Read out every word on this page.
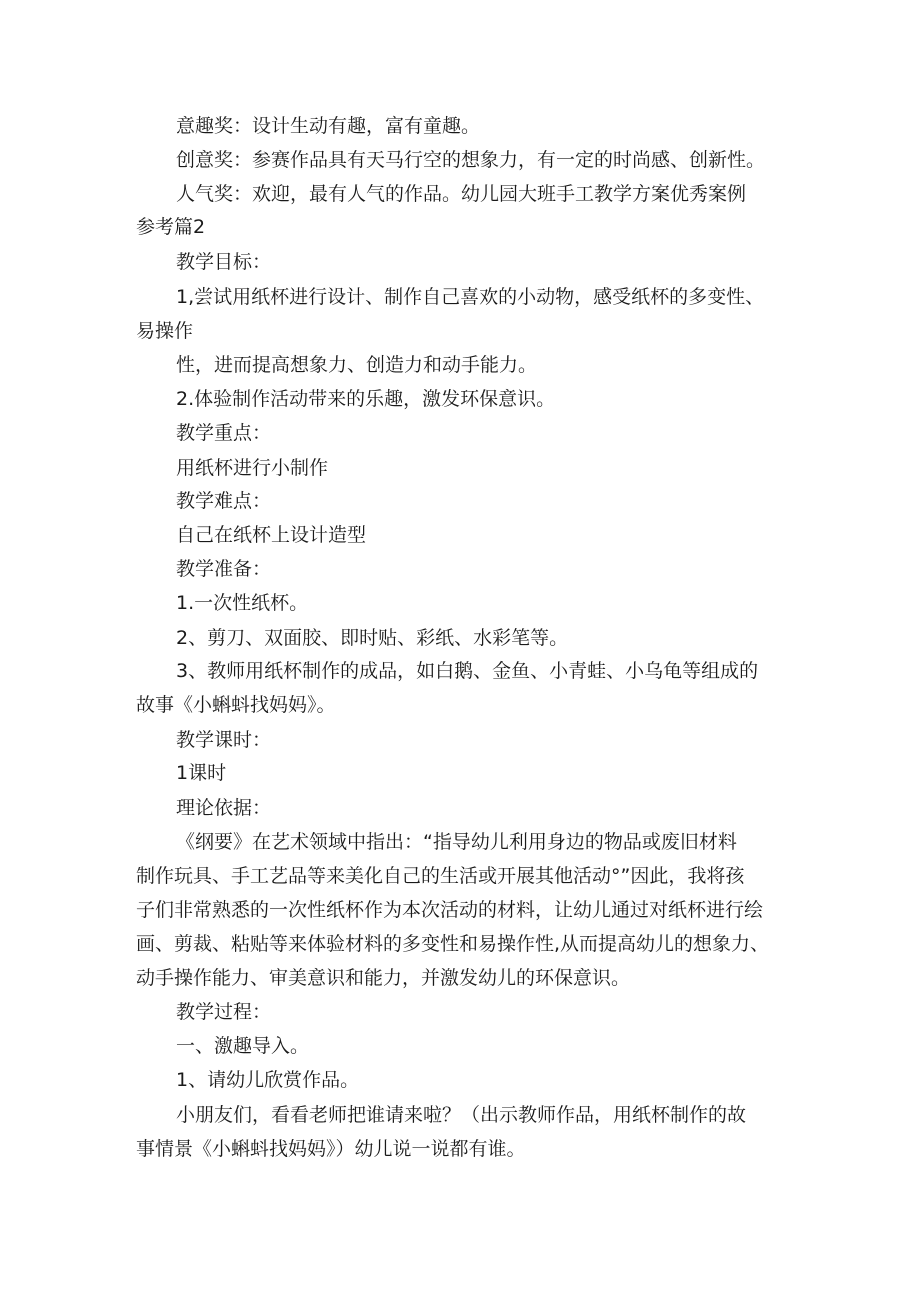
意趣奖：设计生动有趣，富有童趣。

创意奖：参赛作品具有天马行空的想象力，有一定的时尚感、创新性。

人气奖：欢迎，最有人气的作品。幼儿园大班手工教学方案优秀案例

参考篇2

教学目标：

1,尝试用纸杯进行设计、制作自己喜欢的小动物，感受纸杯的多变性、

易操作

性，进而提高想象力、创造力和动手能力。

2.体验制作活动带来的乐趣，激发环保意识。

教学重点：

用纸杯进行小制作

教学难点：

自己在纸杯上设计造型

教学准备：

1.一次性纸杯。

2、剪刀、双面胶、即时贴、彩纸、水彩笔等。

3、教师用纸杯制作的成品，如白鹅、金鱼、小青蛙、小乌龟等组成的

故事《小蝌蚪找妈妈》。

教学课时：

1课时

理论依据：

《纲要》在艺术领域中指出：“指导幼儿利用身边的物品或废旧材料

制作玩具、手工艺品等来美化自己的生活或开展其他活动°”因此，我将孩

子们非常熟悉的一次性纸杯作为本次活动的材料，让幼儿通过对纸杯进行绘

画、剪裁、粘贴等来体验材料的多变性和易操作性,从而提高幼儿的想象力、

动手操作能力、审美意识和能力，并激发幼儿的环保意识。

教学过程：

一、激趣导入。

1、请幼儿欣赏作品。

小朋友们，看看老师把谁请来啦？（出示教师作品，用纸杯制作的故

事情景《小蝌蚪找妈妈》）幼儿说一说都有谁。
